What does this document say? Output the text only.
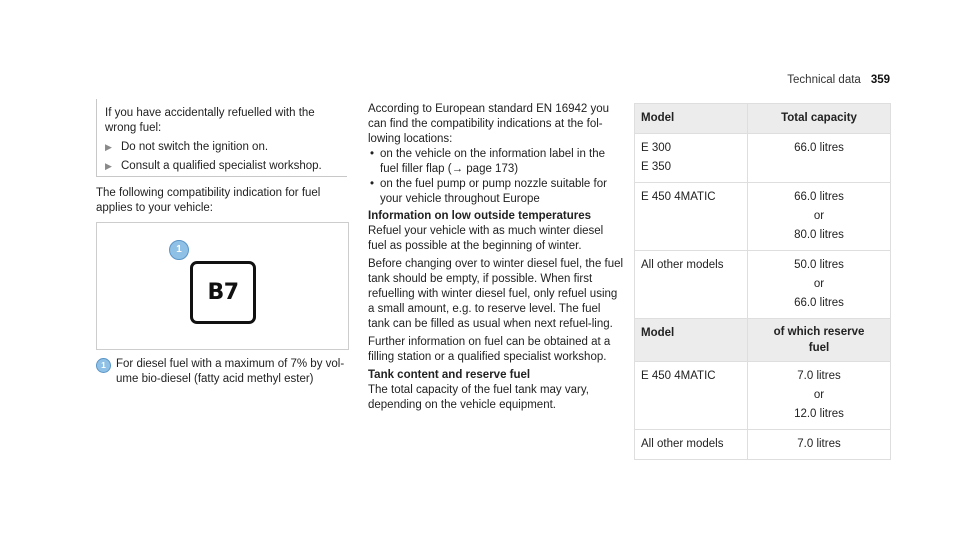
Technical data 359

If you have accidentally refuelled with the wrong fuel:

▶ Do not switch the ignition on.
▶ Consult a qualified specialist workshop.

The following compatibility indication for fuel applies to your vehicle:

1
B7
1 For diesel fuel with a maximum of 7% by vol-ume bio-diesel (fatty acid methyl ester)

According to European standard EN 16942 you can find the compatibility indications at the fol-lowing locations:

• on the vehicle on the information label in the fuel filler flap (→ page 173)
• on the fuel pump or pump nozzle suitable for your vehicle throughout Europe

Information on low outside temperatures

Refuel your vehicle with as much winter diesel fuel as possible at the beginning of winter.

Before changing over to winter diesel fuel, the fuel tank should be empty, if possible. When first refuelling with winter diesel fuel, only refuel using a small amount, e.g. to reserve level. The fuel tank can be filled as usual when next refuel-ling.

Further information on fuel can be obtained at a filling station or a qualified specialist workshop.

Tank content and reserve fuel

The total capacity of the fuel tank may vary, depending on the vehicle equipment.

Model	Total capacity

E 300
E 350	66.0 litres

E 450 4MATIC	66.0 litres
or
80.0 litres

All other models	50.0 litres
or
66.0 litres

Model	of which reserve
fuel

E 450 4MATIC	7.0 litres
or
12.0 litres

All other models	7.0 litres
